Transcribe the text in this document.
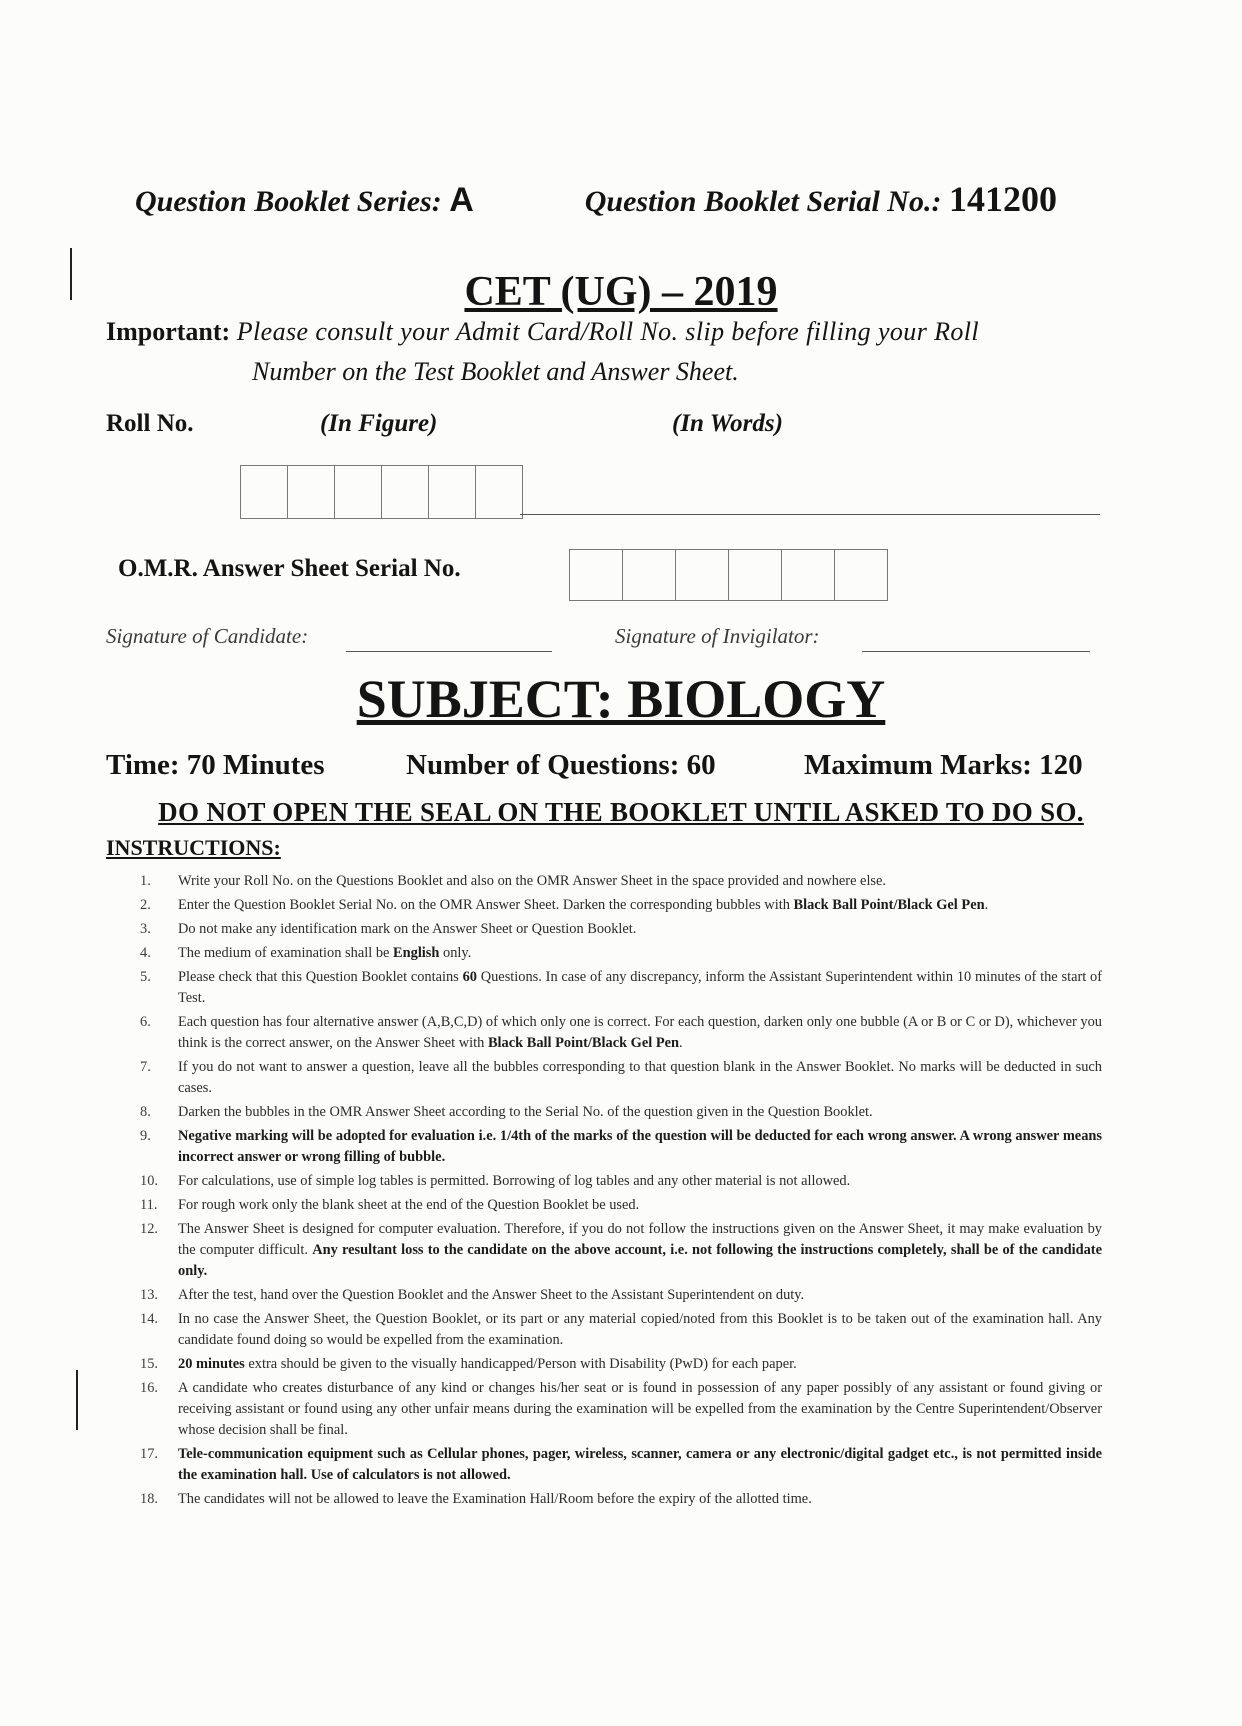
Question Booklet Series: A	Question Booklet Serial No.: 141200
CET (UG) – 2019
Important: Please consult your Admit Card/Roll No. slip before filling your Roll
Number on the Test Booklet and Answer Sheet.
Roll No.	(In Figure)	(In Words)
O.M.R. Answer Sheet Serial No.
Signature of Candidate:	Signature of Invigilator:
SUBJECT: BIOLOGY
Time: 70 Minutes	Number of Questions: 60	Maximum Marks: 120
DO NOT OPEN THE SEAL ON THE BOOKLET UNTIL ASKED TO DO SO.
INSTRUCTIONS:
1.	Write your Roll No. on the Questions Booklet and also on the OMR Answer Sheet in the space provided and nowhere else.
2.	Enter the Question Booklet Serial No. on the OMR Answer Sheet. Darken the corresponding bubbles with Black Ball Point/Black Gel Pen.
3.	Do not make any identification mark on the Answer Sheet or Question Booklet.
4.	The medium of examination shall be English only.
5.	Please check that this Question Booklet contains 60 Questions. In case of any discrepancy, inform the Assistant Superintendent within 10 minutes of the start of Test.
6.	Each question has four alternative answer (A,B,C,D) of which only one is correct. For each question, darken only one bubble (A or B or C or D), whichever you think is the correct answer, on the Answer Sheet with Black Ball Point/Black Gel Pen.
7.	If you do not want to answer a question, leave all the bubbles corresponding to that question blank in the Answer Booklet. No marks will be deducted in such cases.
8.	Darken the bubbles in the OMR Answer Sheet according to the Serial No. of the question given in the Question Booklet.
9.	Negative marking will be adopted for evaluation i.e. 1/4th of the marks of the question will be deducted for each wrong answer. A wrong answer means incorrect answer or wrong filling of bubble.
10.	For calculations, use of simple log tables is permitted. Borrowing of log tables and any other material is not allowed.
11.	For rough work only the blank sheet at the end of the Question Booklet be used.
12.	The Answer Sheet is designed for computer evaluation. Therefore, if you do not follow the instructions given on the Answer Sheet, it may make evaluation by the computer difficult. Any resultant loss to the candidate on the above account, i.e. not following the instructions completely, shall be of the candidate only.
13.	After the test, hand over the Question Booklet and the Answer Sheet to the Assistant Superintendent on duty.
14.	In no case the Answer Sheet, the Question Booklet, or its part or any material copied/noted from this Booklet is to be taken out of the examination hall. Any candidate found doing so would be expelled from the examination.
15.	20 minutes extra should be given to the visually handicapped/Person with Disability (PwD) for each paper.
16.	A candidate who creates disturbance of any kind or changes his/her seat or is found in possession of any paper possibly of any assistant or found giving or receiving assistant or found using any other unfair means during the examination will be expelled from the examination by the Centre Superintendent/Observer whose decision shall be final.
17.	Tele-communication equipment such as Cellular phones, pager, wireless, scanner, camera or any electronic/digital gadget etc., is not permitted inside the examination hall. Use of calculators is not allowed.
18.	The candidates will not be allowed to leave the Examination Hall/Room before the expiry of the allotted time.
